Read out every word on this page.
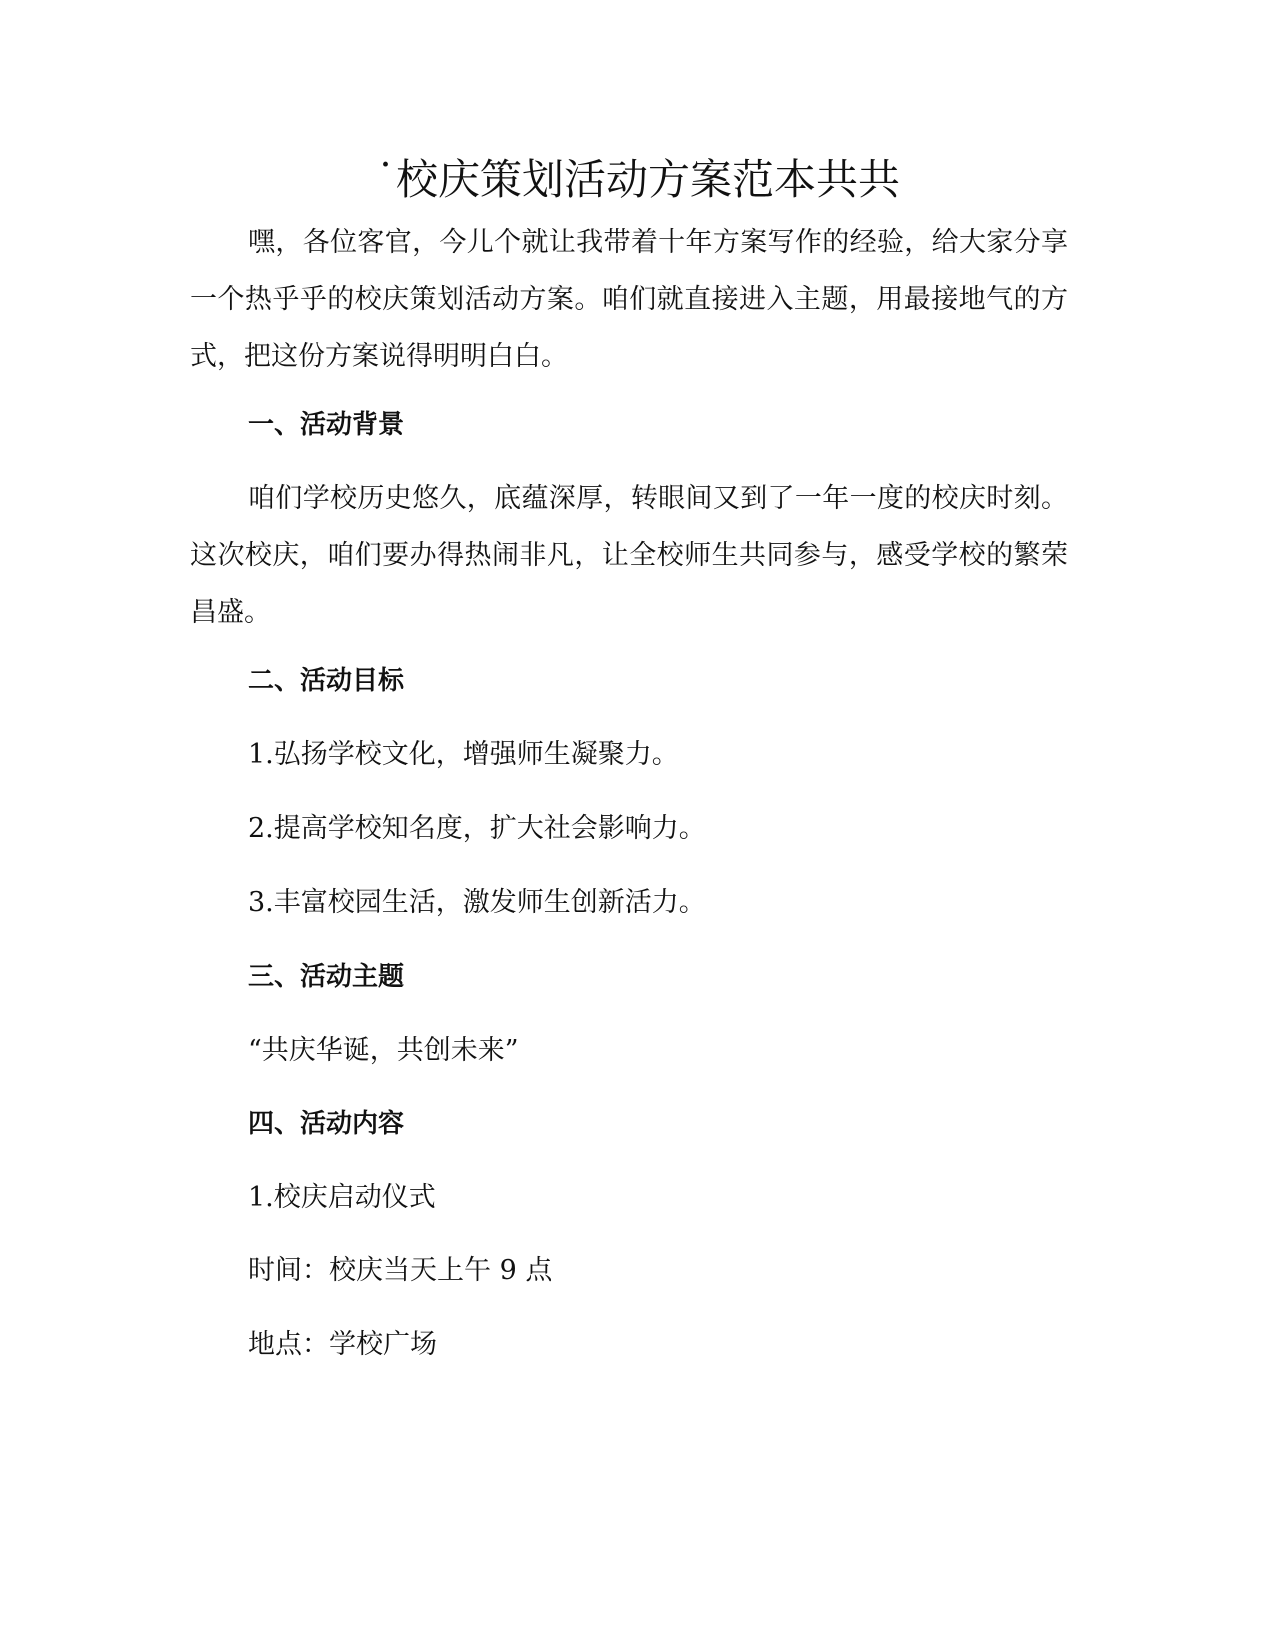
˙校庆策划活动方案范本共共

嘿，各位客官，今儿个就让我带着十年方案写作的经验，给大家分享一个热乎乎的校庆策划活动方案。咱们就直接进入主题，用最接地气的方式，把这份方案说得明明白白。

一、活动背景

咱们学校历史悠久，底蕴深厚，转眼间又到了一年一度的校庆时刻。这次校庆，咱们要办得热闹非凡，让全校师生共同参与，感受学校的繁荣昌盛。

二、活动目标

1.弘扬学校文化，增强师生凝聚力。

2.提高学校知名度，扩大社会影响力。

3.丰富校园生活，激发师生创新活力。

三、活动主题

“共庆华诞，共创未来”

四、活动内容

1.校庆启动仪式

时间：校庆当天上午 9 点

地点：学校广场
